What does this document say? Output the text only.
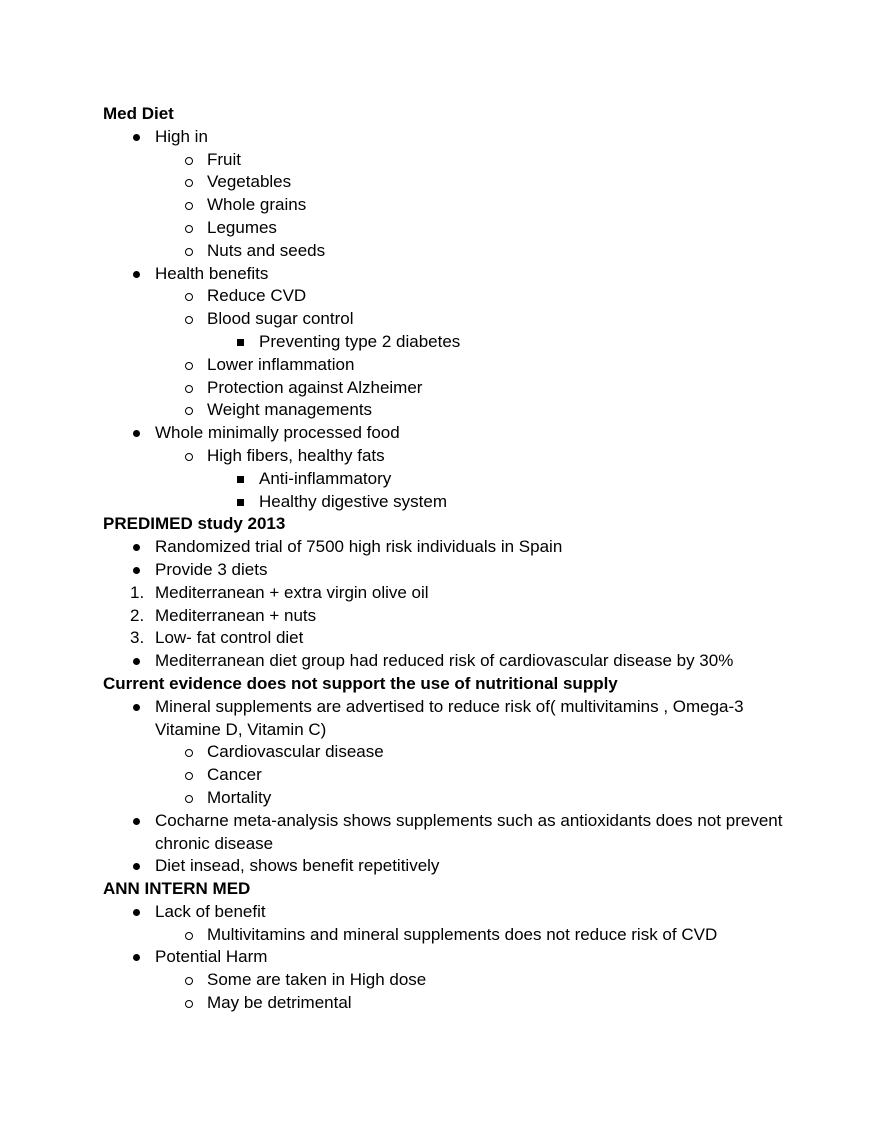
Med Diet
High in
Fruit
Vegetables
Whole grains
Legumes
Nuts and seeds
Health benefits
Reduce CVD
Blood sugar control
Preventing type 2 diabetes
Lower inflammation
Protection against Alzheimer
Weight managements
Whole minimally processed food
High fibers, healthy fats
Anti-inflammatory
Healthy digestive system
PREDIMED study 2013
Randomized trial of 7500 high risk individuals in Spain
Provide 3 diets
1. Mediterranean + extra virgin olive oil
2. Mediterranean + nuts
3. Low- fat control diet
Mediterranean diet group had reduced risk of cardiovascular disease by 30%
Current evidence does not support the use of nutritional supply
Mineral supplements are advertised to reduce risk of( multivitamins , Omega-3 Vitamine D, Vitamin C)
Cardiovascular disease
Cancer
Mortality
Cocharne meta-analysis shows supplements such as antioxidants does not prevent chronic disease
Diet insead, shows benefit repetitively
ANN INTERN MED
Lack of benefit
Multivitamins and mineral supplements does not reduce risk of CVD
Potential Harm
Some are taken in High dose
May be detrimental
